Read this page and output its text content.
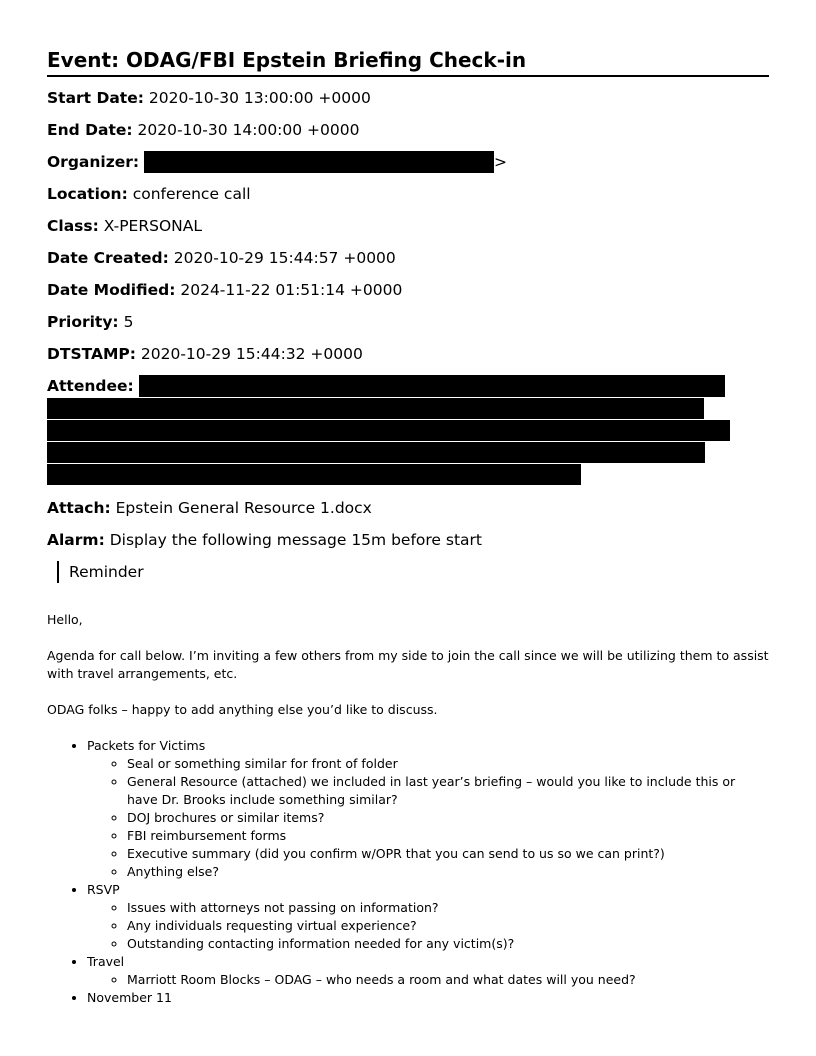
Event: ODAG/FBI Epstein Briefing Check-in
Start Date: 2020-10-30 13:00:00 +0000
End Date: 2020-10-30 14:00:00 +0000
Organizer:	>
Location: conference call
Class: X-PERSONAL
Date Created: 2020-10-29 15:44:57 +0000
Date Modified: 2024-11-22 01:51:14 +0000
Priority: 5
DTSTAMP: 2020-10-29 15:44:32 +0000
Attendee:
Attach: Epstein General Resource 1.docx
Alarm: Display the following message 15m before start
Reminder

Hello,

Agenda for call below. I’m inviting a few others from my side to join the call since we will be utilizing them to assist with travel arrangements, etc.

ODAG folks – happy to add anything else you’d like to discuss.

• Packets for Victims
◦ Seal or something similar for front of folder
◦ General Resource (attached) we included in last year’s briefing – would you like to include this or have Dr. Brooks include something similar?
◦ DOJ brochures or similar items?
◦ FBI reimbursement forms
◦ Executive summary (did you confirm w/OPR that you can send to us so we can print?)
◦ Anything else?
• RSVP
◦ Issues with attorneys not passing on information?
◦ Any individuals requesting virtual experience?
◦ Outstanding contacting information needed for any victim(s)?
• Travel
◦ Marriott Room Blocks – ODAG – who needs a room and what dates will you need?
• November 11
